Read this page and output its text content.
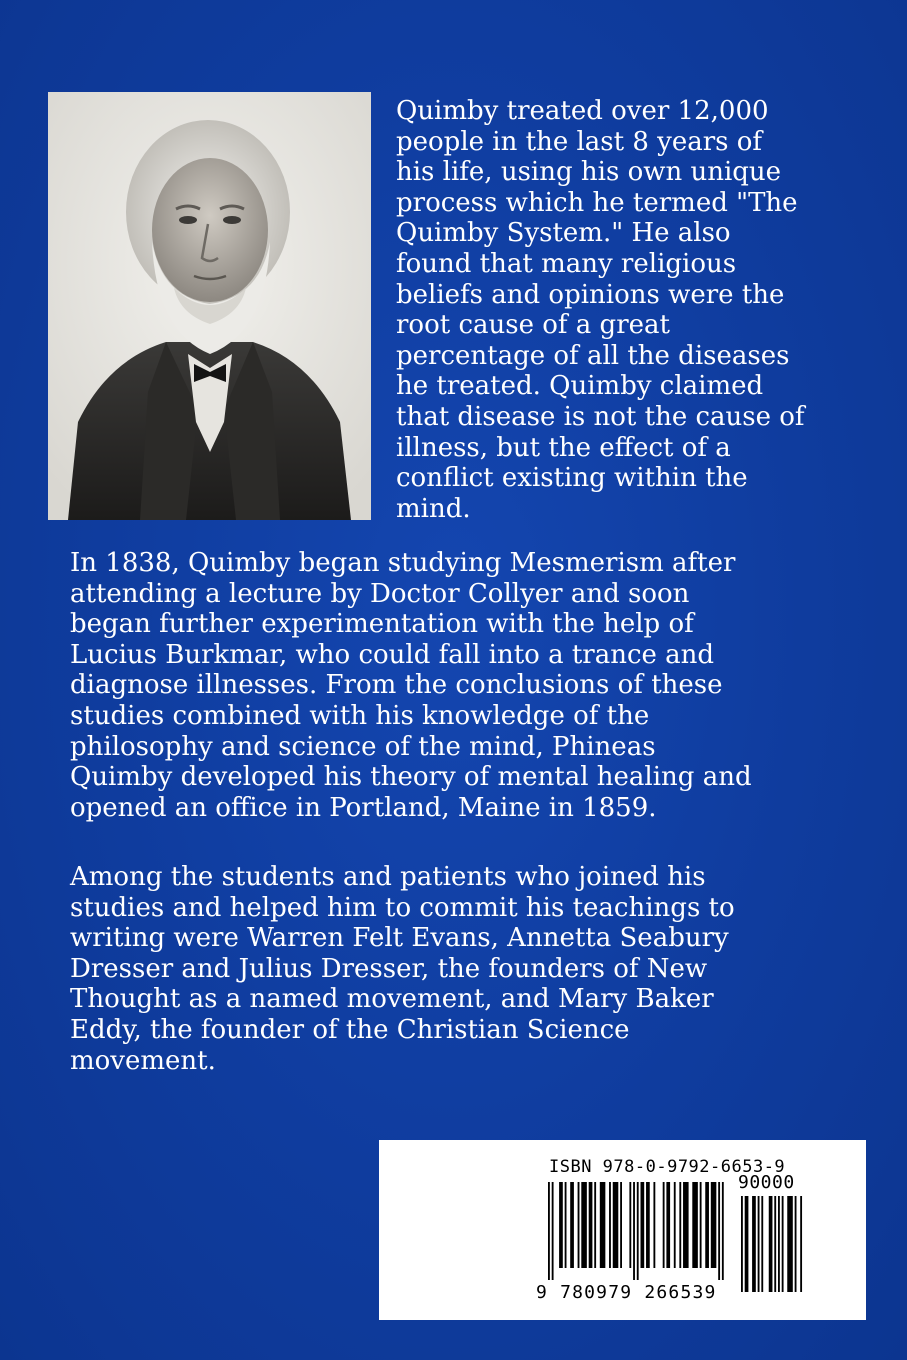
Quimby treated over 12,000
people in the last 8 years of
his life, using his own unique
process which he termed "The
Quimby System." He also
found that many religious
beliefs and opinions were the
root cause of a great
percentage of all the diseases
he treated. Quimby claimed
that disease is not the cause of
illness, but the effect of a
conflict existing within the
mind.

In 1838, Quimby began studying Mesmerism after
attending a lecture by Doctor Collyer and soon
began further experimentation with the help of
Lucius Burkmar, who could fall into a trance and
diagnose illnesses. From the conclusions of these
studies combined with his knowledge of the
philosophy and science of the mind, Phineas
Quimby developed his theory of mental healing and
opened an office in Portland, Maine in 1859.

Among the students and patients who joined his
studies and helped him to commit his teachings to
writing were Warren Felt Evans, Annetta Seabury
Dresser and Julius Dresser, the founders of New
Thought as a named movement, and Mary Baker
Eddy, the founder of the Christian Science
movement.

ISBN 978-0-9792-6653-9
90000
9 780979 266539
